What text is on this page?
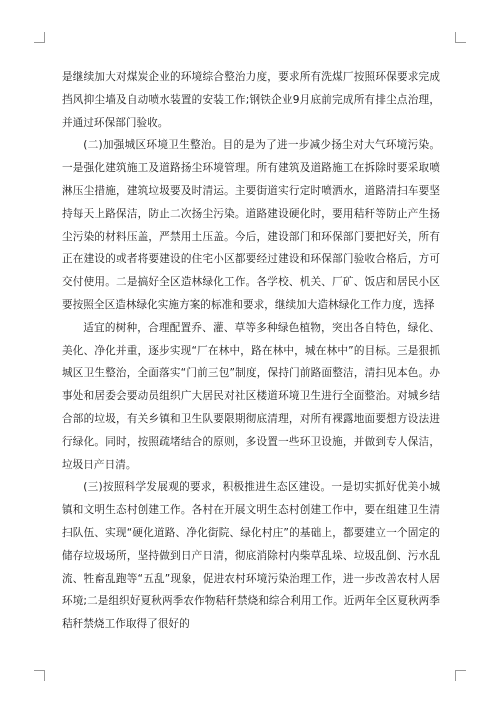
是继续加大对煤炭企业的环境综合整治力度，要求所有洗煤厂按照环保要求完成挡风抑尘墙及自动喷水装置的安装工作;钢铁企业9月底前完成所有排尘点治理，并通过环保部门验收。

(二)加强城区环境卫生整治。目的是为了进一步减少扬尘对大气环境污染。一是强化建筑施工及道路扬尘环境管理。所有建筑及道路施工在拆除时要采取喷淋压尘措施，建筑垃圾要及时清运。主要街道实行定时喷洒水，道路清扫车要坚持每天上路保洁，防止二次扬尘污染。道路建设硬化时，要用秸秆等防止产生扬尘污染的材料压盖，严禁用土压盖。今后，建设部门和环保部门要把好关，所有正在建设的或者将要建设的住宅小区都要经过建设和环保部门验收合格后，方可交付使用。二是搞好全区造林绿化工作。各学校、机关、厂矿、饭店和居民小区要按照全区造林绿化实施方案的标准和要求，继续加大造林绿化工作力度，选择

适宜的树种，合理配置乔、灌、草等多种绿色植物，突出各自特色，绿化、美化、净化并重，逐步实现“厂在林中，路在林中，城在林中”的目标。三是狠抓城区卫生整治，全面落实“门前三包”制度，保持门前路面整洁，清扫见本色。办事处和居委会要动员组织广大居民对社区楼道环境卫生进行全面整治。对城乡结合部的垃圾，有关乡镇和卫生队要限期彻底清理，对所有裸露地面要想方设法进行绿化。同时，按照疏堵结合的原则，多设置一些环卫设施，并做到专人保洁，垃圾日产日清。

(三)按照科学发展观的要求，积极推进生态区建设。一是切实抓好优美小城镇和文明生态村创建工作。各村在开展文明生态村创建工作中，要在组建卫生清扫队伍、实现“硬化道路、净化街院、绿化村庄”的基础上，都要建立一个固定的储存垃圾场所，坚持做到日产日清，彻底消除村内柴草乱垛、垃圾乱倒、污水乱流、牲畜乱跑等“五乱”现象，促进农村环境污染治理工作，进一步改善农村人居环境;二是组织好夏秋两季农作物秸秆禁烧和综合利用工作。近两年全区夏秋两季秸秆禁烧工作取得了很好的
